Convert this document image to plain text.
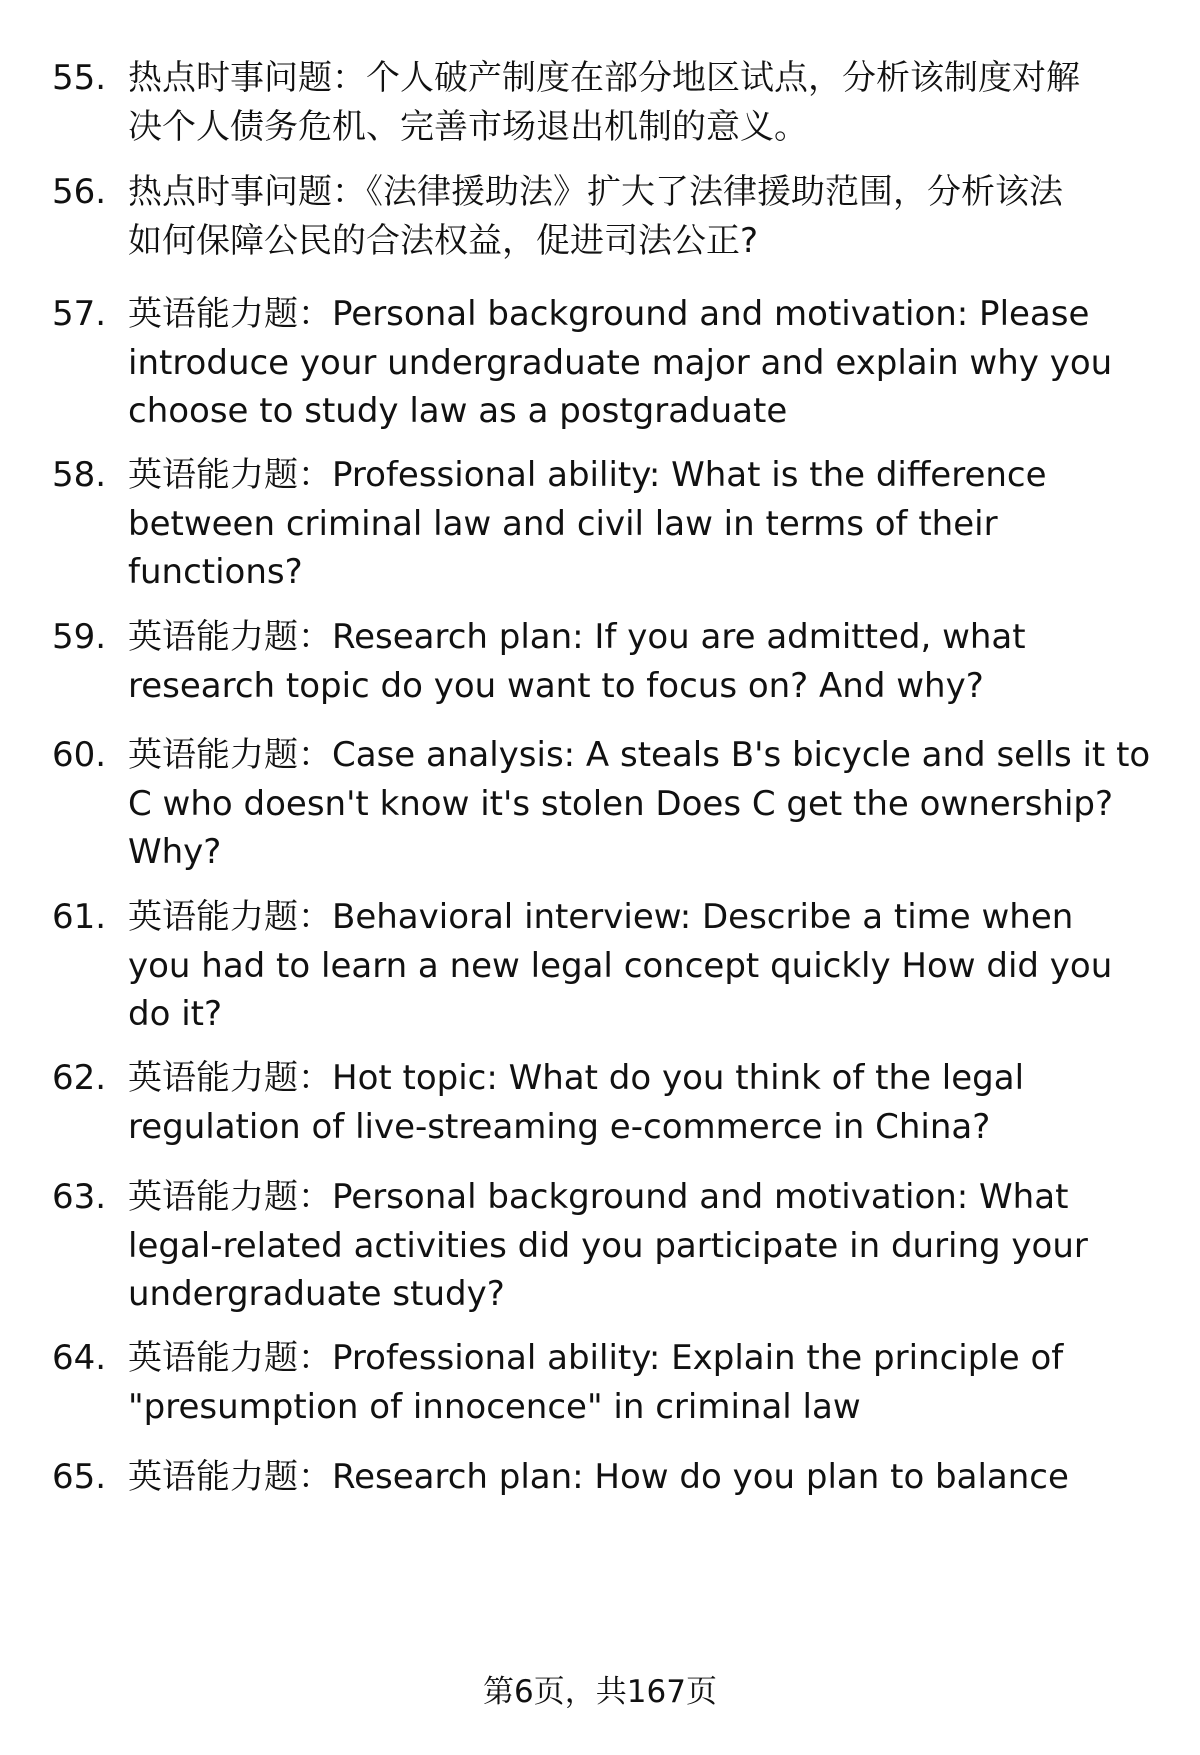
55. 热点时事问题：个人破产制度在部分地区试点，分析该制度对解
决个人债务危机、完善市场退出机制的意义。
56. 热点时事问题：《法律援助法》扩大了法律援助范围，分析该法
如何保障公民的合法权益，促进司法公正?
57. 英语能力题：Personal background and motivation: Please
introduce your undergraduate major and explain why you
choose to study law as a postgraduate
58. 英语能力题：Professional ability: What is the difference
between criminal law and civil law in terms of their
functions?
59. 英语能力题：Research plan: If you are admitted, what
research topic do you want to focus on? And why?
60. 英语能力题：Case analysis: A steals B's bicycle and sells it to
C who doesn't know it's stolen Does C get the ownership?
Why?
61. 英语能力题：Behavioral interview: Describe a time when
you had to learn a new legal concept quickly How did you
do it?
62. 英语能力题：Hot topic: What do you think of the legal
regulation of live-streaming e-commerce in China?
63. 英语能力题：Personal background and motivation: What
legal-related activities did you participate in during your
undergraduate study?
64. 英语能力题：Professional ability: Explain the principle of
"presumption of innocence" in criminal law
65. 英语能力题：Research plan: How do you plan to balance
第6页，共167页
